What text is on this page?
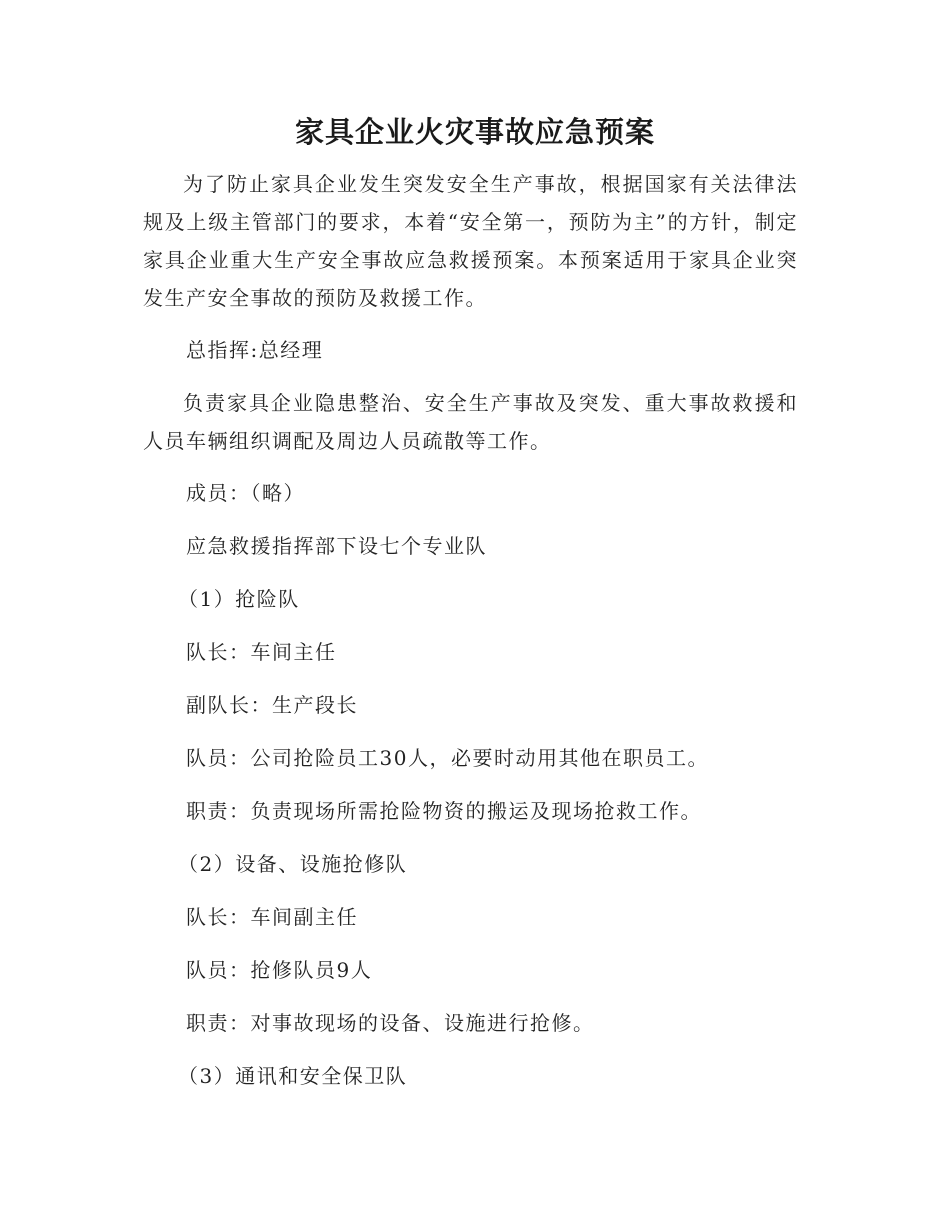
家具企业火灾事故应急预案

为了防止家具企业发生突发安全生产事故，根据国家有关法律法规及上级主管部门的要求，本着“安全第一，预防为主”的方针，制定家具企业重大生产安全事故应急救援预案。本预案适用于家具企业突发生产安全事故的预防及救援工作。

总指挥:总经理

负责家具企业隐患整治、安全生产事故及突发、重大事故救援和人员车辆组织调配及周边人员疏散等工作。

成员：（略）

应急救援指挥部下设七个专业队

（1）抢险队

队长：车间主任

副队长：生产段长

队员：公司抢险员工30人，必要时动用其他在职员工。

职责：负责现场所需抢险物资的搬运及现场抢救工作。

（2）设备、设施抢修队

队长：车间副主任

队员：抢修队员9人

职责：对事故现场的设备、设施进行抢修。

（3）通讯和安全保卫队
